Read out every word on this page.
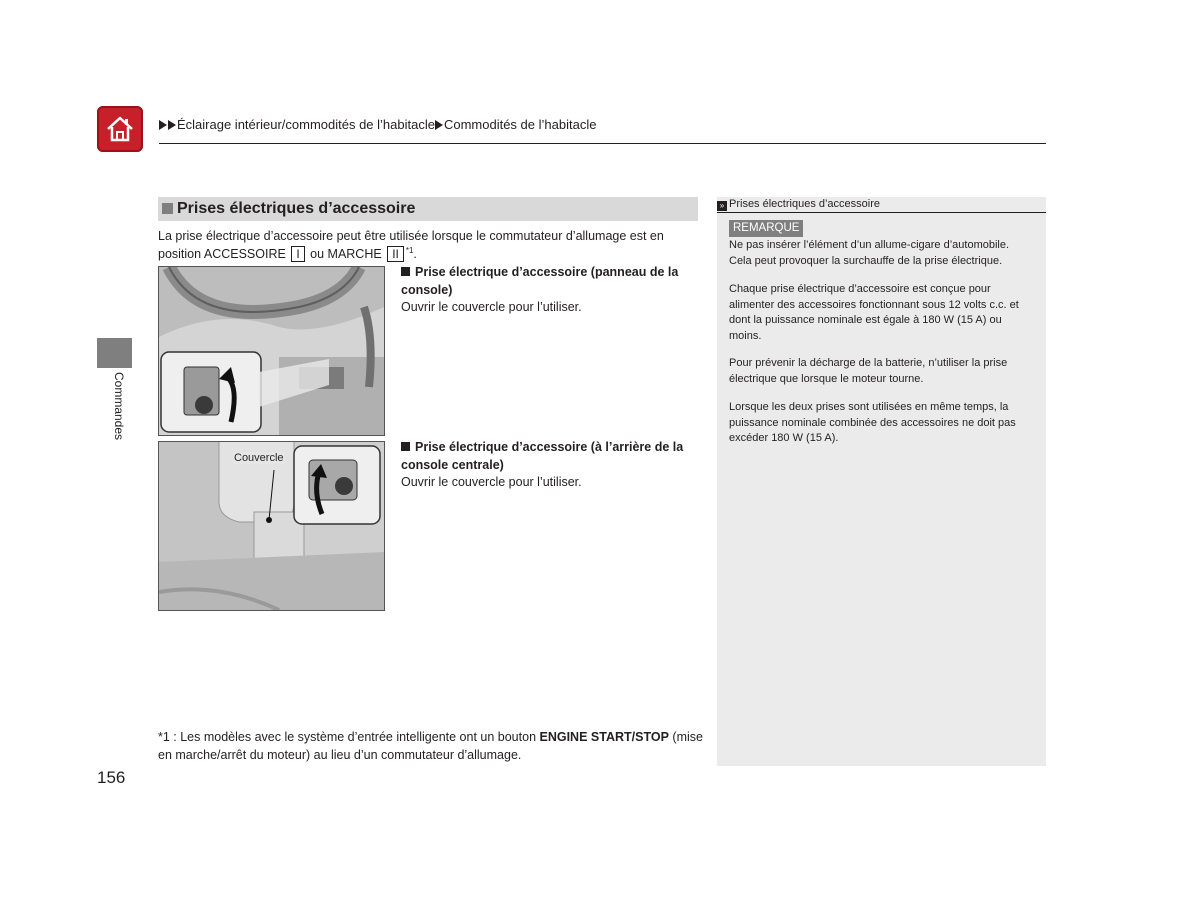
Éclairage intérieur/commodités de l’habitacle Commodités de l’habitacle
Commandes
Prises électriques d’accessoire
La prise électrique d’accessoire peut être utilisée lorsque le commutateur d’allumage est en position ACCESSOIRE I ou MARCHE II $^{*1}$.
Prise électrique d’accessoire (panneau de la console)
Ouvrir le couvercle pour l’utiliser.
Couvercle
Prise électrique d’accessoire (à l’arrière de la console centrale)
Ouvrir le couvercle pour l’utiliser.
*1 : Les modèles avec le système d’entrée intelligente ont un bouton ENGINE START/STOP (mise en marche/arrêt du moteur) au lieu d’un commutateur d’allumage.
156
» Prises électriques d’accessoire
REMARQUE
Ne pas insérer l’élément d’un allume-cigare d’automobile. Cela peut provoquer la surchauffe de la prise électrique.
Chaque prise électrique d’accessoire est conçue pour alimenter des accessoires fonctionnant sous 12 volts c.c. et dont la puissance nominale est égale à 180 W (15 A) ou moins.
Pour prévenir la décharge de la batterie, n’utiliser la prise électrique que lorsque le moteur tourne.
Lorsque les deux prises sont utilisées en même temps, la puissance nominale combinée des accessoires ne doit pas excéder 180 W (15 A).
